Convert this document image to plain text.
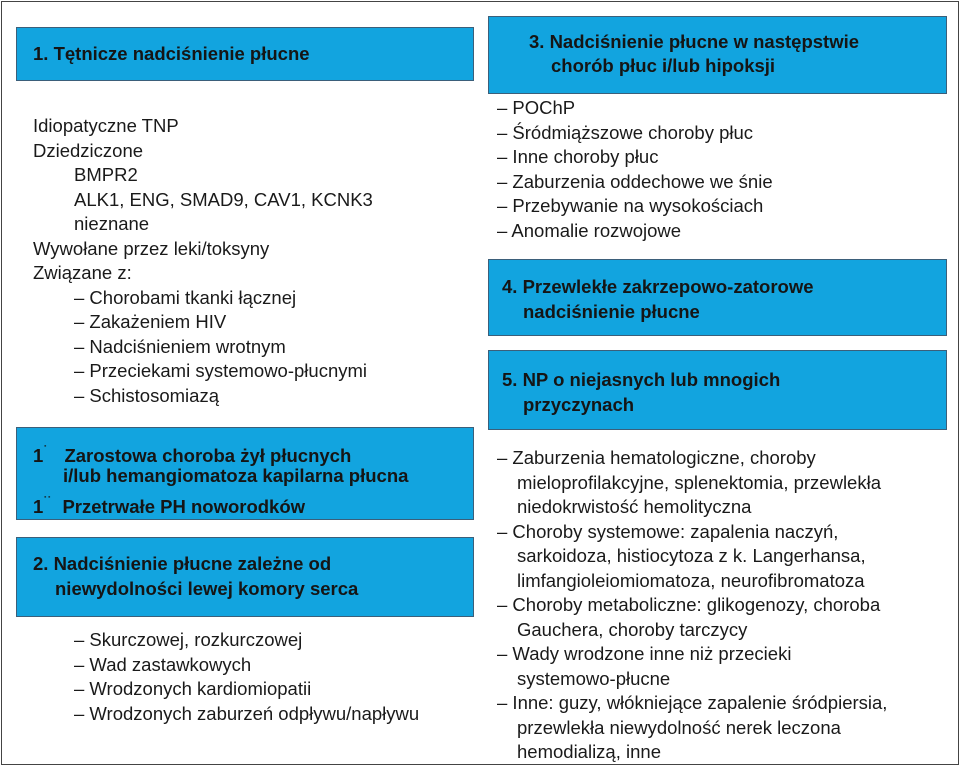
1. Tętnicze nadciśnienie płucne
Idiopatyczne TNP
Dziedziczone
BMPR2
ALK1, ENG, SMAD9, CAV1, KCNK3
nieznane
Wywołane przez leki/toksyny
Związane z:
– Chorobami tkanki łącznej
– Zakażeniem HIV
– Nadciśnieniem wrotnym
– Przeciekami systemowo-płucnymi
– Schistosomiazą
1˙ Zarostowa choroba żył płucnych
i/lub hemangiomatoza kapilarna płucna
1˙˙ Przetrwałe PH noworodków
2. Nadciśnienie płucne zależne od
niewydolności lewej komory serca
– Skurczowej, rozkurczowej
– Wad zastawkowych
– Wrodzonych kardiomiopatii
– Wrodzonych zaburzeń odpływu/napływu
3. Nadciśnienie płucne w następstwie
chorób płuc i/lub hipoksji
– POChP
– Śródmiąższowe choroby płuc
– Inne choroby płuc
– Zaburzenia oddechowe we śnie
– Przebywanie na wysokościach
– Anomalie rozwojowe
4. Przewlekłe zakrzepowo-zatorowe
nadciśnienie płucne
5. NP o niejasnych lub mnogich
przyczynach
– Zaburzenia hematologiczne, choroby
mieloprofilakcyjne, splenektomia, przewlekła
niedokrwistość hemolityczna
– Choroby systemowe: zapalenia naczyń,
sarkoidoza, histiocytoza z k. Langerhansa,
limfangioleiomiomatoza, neurofibromatoza
– Choroby metaboliczne: glikogenozy, choroba
Gauchera, choroby tarczycy
– Wady wrodzone inne niż przecieki
systemowo-płucne
– Inne: guzy, włókniejące zapalenie śródpiersia,
przewlekła niewydolność nerek leczona
hemodializą, inne
